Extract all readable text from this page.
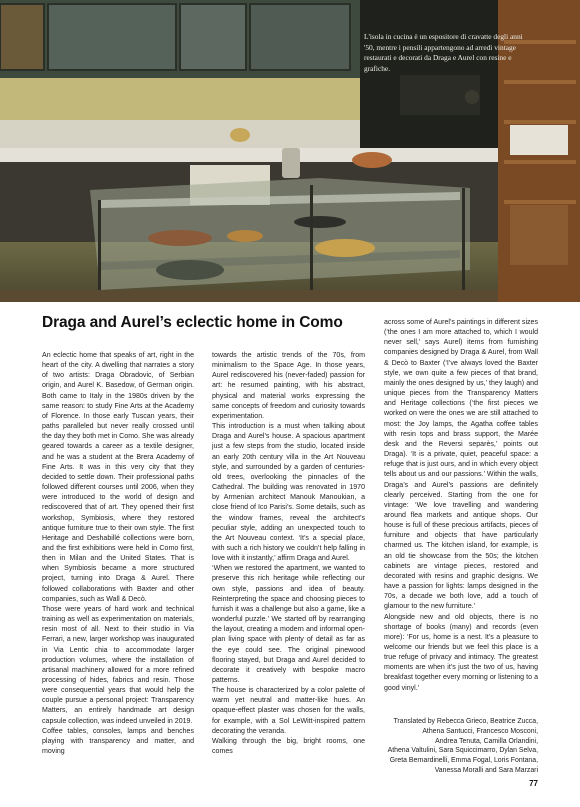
L'isola in cucina è un espositore di cravatte degli anni '50, mentre i pensili appartengono ad arredi vintage restaurati e decorati da Draga e Aurel con resine e grafiche.
Draga and Aurel’s eclectic home in Como

An eclectic home that speaks of art, right in the heart of the city. A dwelling that narrates a story of two artists: Draga Obradovic, of Serbian origin, and Aurel K. Basedow, of German origin. Both came to Italy in the 1980s driven by the same reason: to study Fine Arts at the Academy of Florence. In those early Tuscan years, their paths paralleled but never really crossed until the day they both met in Como. She was already geared towards a career as a textile designer, and he was a student at the Brera Academy of Fine Arts. It was in this very city that they decided to settle down. Their professional paths followed different courses until 2006, when they were introduced to the world of design and rediscovered that of art. They opened their first workshop, Symbiosis, where they restored antique furniture true to their own style. The first Heritage and Deshabillé collections were born, and the first exhibitions were held in Como first, then in Milan and the United States. That is when Symbiosis became a more structured project, turning into Draga & Aurel. There followed collaborations with Baxter and other companies, such as Wall & Decò.

Those were years of hard work and technical training as well as experimentation on materials, resin most of all. Next to their studio in Via Ferrari, a new, larger workshop was inaugurated in Via Lentic chia to accommodate larger production volumes, where the installation of artisanal machinery allowed for a more refined processing of hides, fabrics and resin. Those were consequential years that would help the couple pursue a personal project: Transparency Matters, an entirely handmade art design capsule collection, was indeed unveiled in 2019.

Coffee tables, consoles, lamps and benches playing with transparency and matter, and moving

towards the artistic trends of the 70s, from minimalism to the Space Age. In those years, Aurel rediscovered his (never-faded) passion for art: he resumed painting, with his abstract, physical and material works expressing the same concepts of freedom and curiosity towards experimentation.

This introduction is a must when talking about Draga and Aurel’s house. A spacious apartment just a few steps from the studio, located inside an early 20th century villa in the Art Nouveau style, and surrounded by a garden of centuries-old trees, overlooking the pinnacles of the Cathedral. The building was renovated in 1970 by Armenian architect Manouk Manoukian, a close friend of Ico Parisi’s. Some details, such as the window frames, reveal the architect’s peculiar style, adding an unexpected touch to the Art Nouveau context. ‘It’s a special place, with such a rich history we couldn’t help falling in love with it instantly,’ affirm Draga and Aurel.

‘When we restored the apartment, we wanted to preserve this rich heritage while reflecting our own style, passions and idea of beauty. Reinterpreting the space and choosing pieces to furnish it was a challenge but also a game, like a wonderful puzzle.’ We started off by rearranging the layout, creating a modern and informal open-plan living space with plenty of detail as far as the eye could see. The original pinewood flooring stayed, but Draga and Aurel decided to decorate it creatively with bespoke macro patterns.

The house is characterized by a color palette of warm yet neutral and matter-like hues. An opaque-effect plaster was chosen for the walls, for example, with a Sol LeWitt-inspired pattern decorating the veranda.

Walking through the big, bright rooms, one comes

across some of Aurel’s paintings in different sizes (‘the ones I am more attached to, which I would never sell,’ says Aurel) items from furnishing companies designed by Draga & Aurel, from Wall & Decò to Baxter (‘I’ve always loved the Baxter style, we own quite a few pieces of that brand, mainly the ones designed by us,’ they laugh) and unique pieces from the Transparency Matters and Heritage collections (‘the first pieces we worked on were the ones we are still attached to most: the Joy lamps, the Agatha coffee tables with resin tops and brass support, the Marée desk and the Reversi separès,’ points out Draga). ‘It is a private, quiet, peaceful space: a refuge that is just ours, and in which every object tells about us and our passions.’ Within the walls, Draga’s and Aurel’s passions are definitely clearly perceived. Starting from the one for vintage: ‘We love travelling and wandering around flea markets and antique shops. Our house is full of these precious artifacts, pieces of furniture and objects that have particularly charmed us. The kitchen island, for example, is an old tie showcase from the 50s; the kitchen cabinets are vintage pieces, restored and decorated with resins and graphic designs. We have a passion for lights: lamps designed in the 70s, a decade we both love, add a touch of glamour to the new furniture.’

Alongside new and old objects, there is no shortage of books (many) and records (even more): ‘For us, home is a nest. It’s a pleasure to welcome our friends but we feel this place is a true refuge of privacy and intimacy. The greatest moments are when it’s just the two of us, having breakfast together every morning or listening to a good vinyl.’

Translated by Rebecca Grieco, Beatrice Zucca,
Athena Santucci, Francesco Mosconi,
Andrea Tenuta, Camilla Orlandini,
Athena Valtulini, Sara Squiccimarro, Dylan Selva,
Greta Bernardinelli, Emma Fogal, Loris Fontana,
Vanessa Moralli and Sara Marzari
77
